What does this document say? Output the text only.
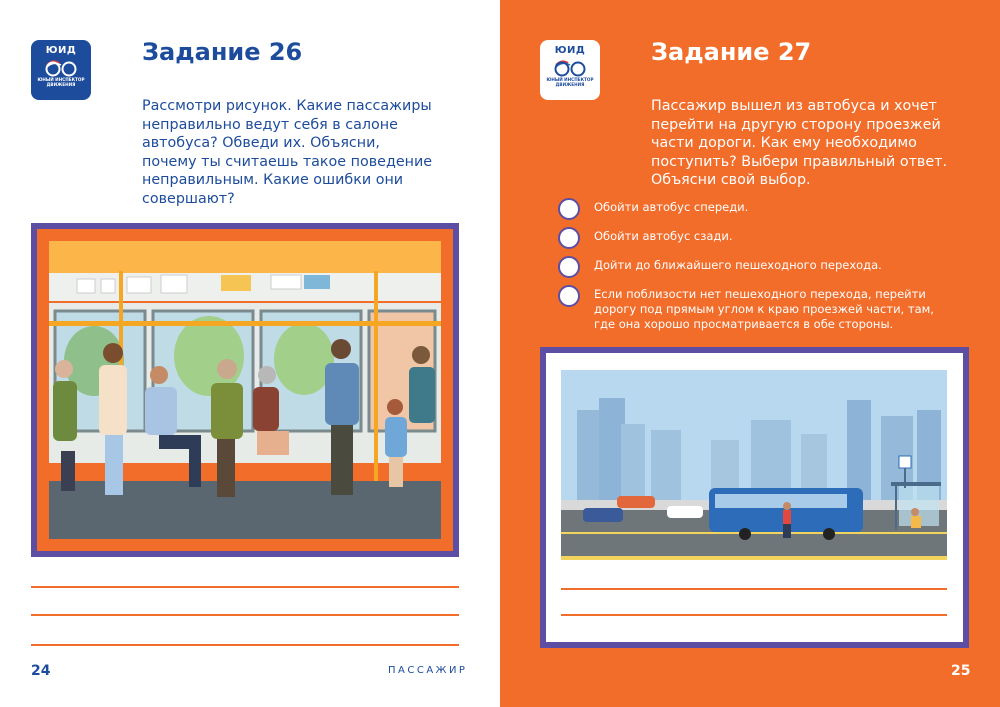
ЮИД
ЮНЫЙ ИНСПЕКТОР ДВИЖЕНИЯ
Задание 26

Рассмотри рисунок. Какие пассажиры
неправильно ведут себя в салоне
автобуса? Обведи их. Объясни,
почему ты считаешь такое поведение
неправильным. Какие ошибки они
совершают?

24	ПАССАЖИР
ЮИД
ЮНЫЙ ИНСПЕКТОР ДВИЖЕНИЯ
Задание 27

Пассажир вышел из автобуса и хочет
перейти на другую сторону проезжей
части дороги. Как ему необходимо
поступить? Выбери правильный ответ.
Объясни свой выбор.

Обойти автобус спереди.
Обойти автобус сзади.
Дойти до ближайшего пешеходного перехода.
Если поблизости нет пешеходного перехода, перейти
дорогу под прямым углом к краю проезжей части, там,
где она хорошо просматривается в обе стороны.
25
